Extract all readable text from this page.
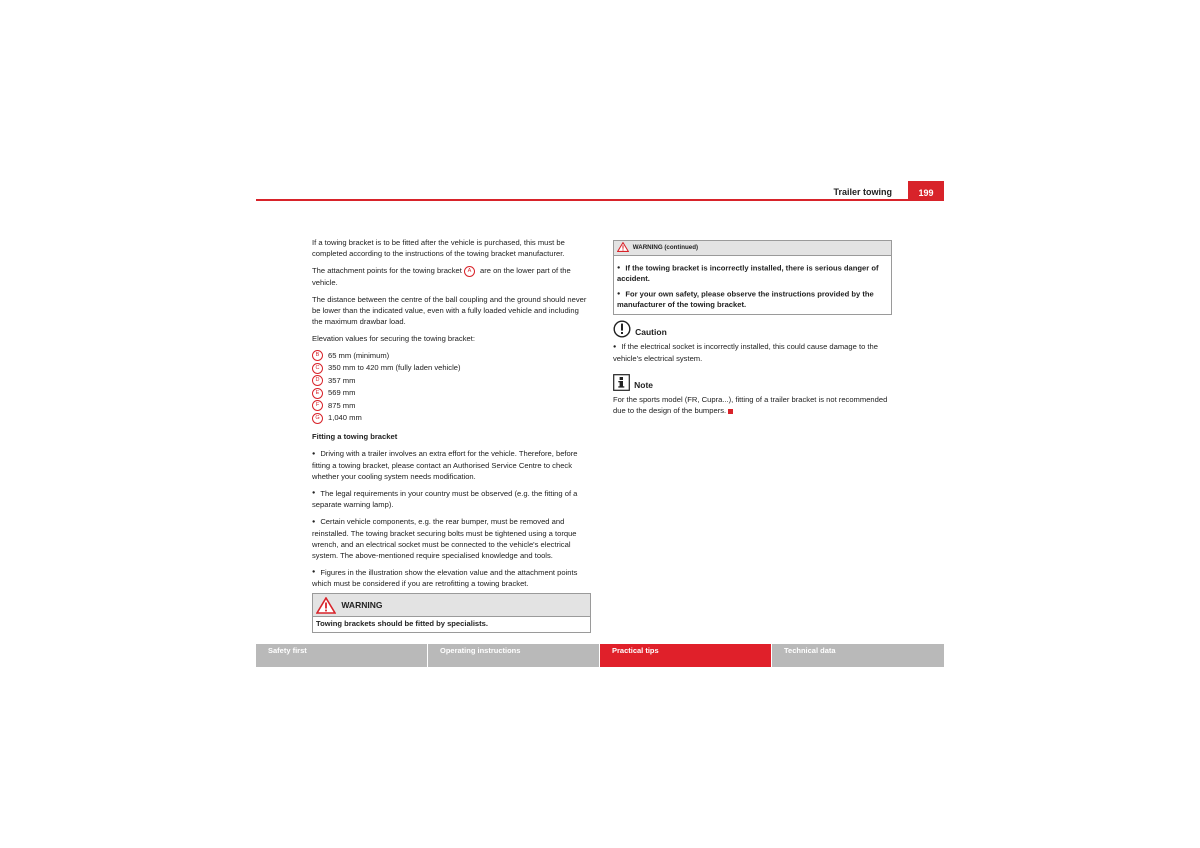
Trailer towing	199

If a towing bracket is to be fitted after the vehicle is purchased, this must be completed according to the instructions of the towing bracket manufacturer.

The attachment points for the towing bracket A are on the lower part of the vehicle.

The distance between the centre of the ball coupling and the ground should never be lower than the indicated value, even with a fully loaded vehicle and including the maximum drawbar load.

Elevation values for securing the towing bracket:

B 65 mm (minimum)
C 350 mm to 420 mm (fully laden vehicle)
D 357 mm
E 569 mm
F 875 mm
G 1,040 mm

Fitting a towing bracket

● Driving with a trailer involves an extra effort for the vehicle. Therefore, before fitting a towing bracket, please contact an Authorised Service Centre to check whether your cooling system needs modification.

● The legal requirements in your country must be observed (e.g. the fitting of a separate warning lamp).

● Certain vehicle components, e.g. the rear bumper, must be removed and reinstalled. The towing bracket securing bolts must be tightened using a torque wrench, and an electrical socket must be connected to the vehicle's electrical system. The above-mentioned require specialised knowledge and tools.

● Figures in the illustration show the elevation value and the attachment points which must be considered if you are retrofitting a towing bracket.

WARNING
Towing brackets should be fitted by specialists.
WARNING (continued)

● If the towing bracket is incorrectly installed, there is serious danger of accident.

● For your own safety, please observe the instructions provided by the manufacturer of the towing bracket.

Caution

● If the electrical socket is incorrectly installed, this could cause damage to the vehicle's electrical system.

Note

For the sports model (FR, Cupra...), fitting of a trailer bracket is not recommended due to the design of the bumpers.

Safety first	Operating instructions	Practical tips	Technical data
